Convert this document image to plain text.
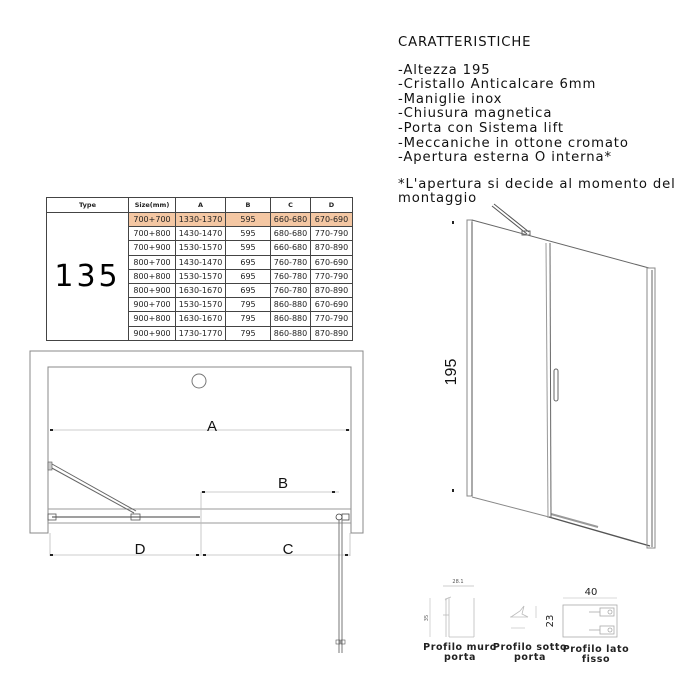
CARATTERISTICHE
-Altezza 195
-Cristallo Anticalcare 6mm
-Maniglie inox
-Chiusura magnetica
-Porta con Sistema lift
-Meccaniche in ottone cromato
-Apertura esterna O interna*
*L'apertura si decide al momento del
montaggio
Type	Size(mm)	A	B	C	D
135	700+700	1330-1370	595	660-680	670-690
	700+800	1430-1470	595	680-680	770-790
	700+900	1530-1570	595	660-680	870-890
	800+700	1430-1470	695	760-780	670-690
	800+800	1530-1570	695	760-780	770-790
	800+900	1630-1670	695	760-780	870-890
	900+700	1530-1570	795	860-880	670-690
	900+800	1630-1670	795	860-880	770-790
	900+900	1730-1770	795	860-880	870-890
A
B
C
D
195
28.1
35
40
23
Profilo muro
porta
Profilo sotto
porta
Profilo lato
fisso
